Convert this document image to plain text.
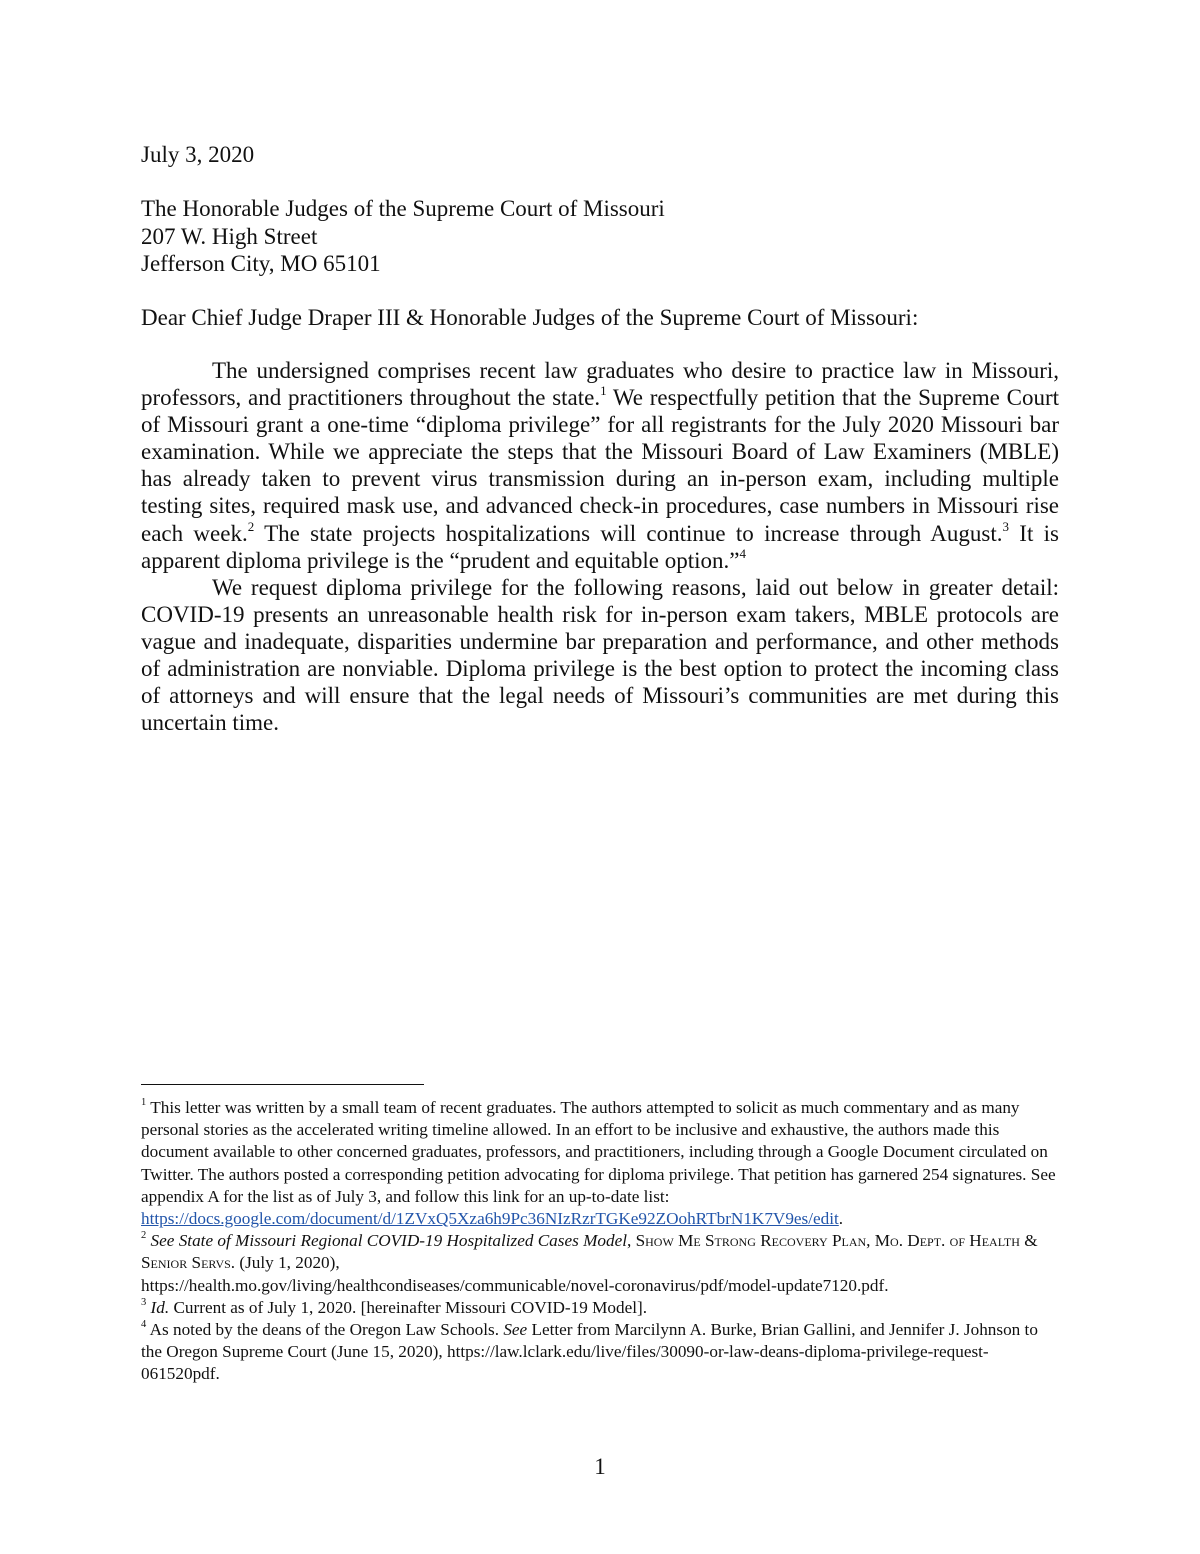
July 3, 2020
The Honorable Judges of the Supreme Court of Missouri
207 W. High Street
Jefferson City, MO 65101
Dear Chief Judge Draper III & Honorable Judges of the Supreme Court of Missouri:

The undersigned comprises recent law graduates who desire to practice law in Missouri, professors, and practitioners throughout the state.$^1$ We respectfully petition that the Supreme Court of Missouri grant a one-time “diploma privilege” for all registrants for the July 2020 Missouri bar examination. While we appreciate the steps that the Missouri Board of Law Examiners (MBLE) has already taken to prevent virus transmission during an in-person exam, including multiple testing sites, required mask use, and advanced check-in procedures, case numbers in Missouri rise each week.$^2$ The state projects hospitalizations will continue to increase through August.$^3$ It is apparent diploma privilege is the “prudent and equitable option.”$^4$

We request diploma privilege for the following reasons, laid out below in greater detail: COVID-19 presents an unreasonable health risk for in-person exam takers, MBLE protocols are vague and inadequate, disparities undermine bar preparation and performance, and other methods of administration are nonviable. Diploma privilege is the best option to protect the incoming class of attorneys and will ensure that the legal needs of Missouri’s communities are met during this uncertain time.

$^1$ This letter was written by a small team of recent graduates. The authors attempted to solicit as much commentary and as many personal stories as the accelerated writing timeline allowed. In an effort to be inclusive and exhaustive, the authors made this document available to other concerned graduates, professors, and practitioners, including through a Google Document circulated on Twitter. The authors posted a corresponding petition advocating for diploma privilege. That petition has garnered 254 signatures. See appendix A for the list as of July 3, and follow this link for an up-to-date list:
https://docs.google.com/document/d/1ZVxQ5Xza6h9Pc36NIzRzrTGKe92ZOohRTbrN1K7V9es/edit.

$^2$ See State of Missouri Regional COVID-19 Hospitalized Cases Model, Show Me Strong Recovery Plan, Mo. Dept. of Health & Senior Servs. (July 1, 2020),
https://health.mo.gov/living/healthcondiseases/communicable/novel-coronavirus/pdf/model-update7120.pdf.

$^3$ Id. Current as of July 1, 2020. [hereinafter Missouri COVID-19 Model].

$^4$ As noted by the deans of the Oregon Law Schools. See Letter from Marcilynn A. Burke, Brian Gallini, and Jennifer J. Johnson to the Oregon Supreme Court (June 15, 2020), https://law.lclark.edu/live/files/30090-or-law-deans-diploma-privilege-request-061520pdf.

1
